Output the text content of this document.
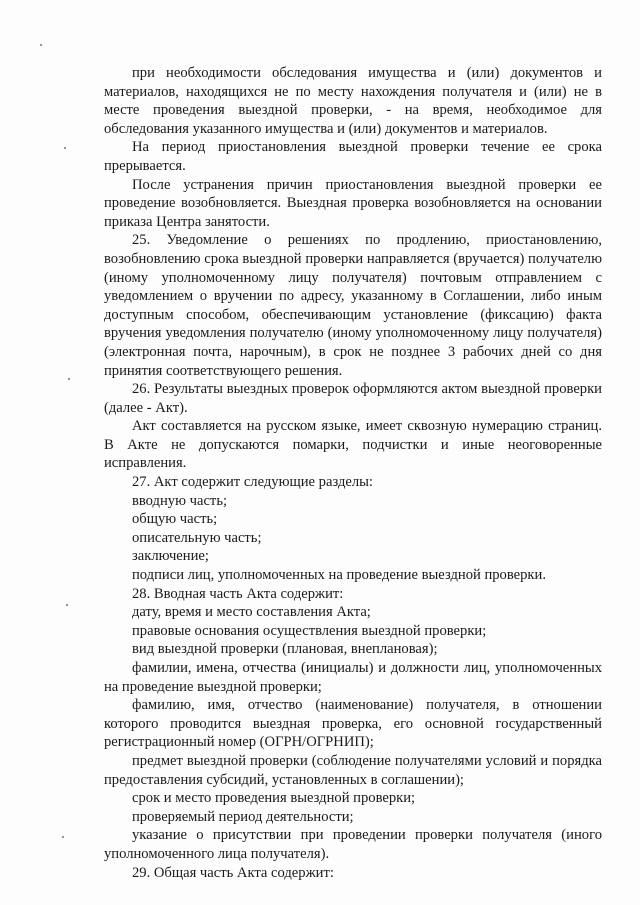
при необходимости обследования имущества и (или) документов и материалов, находящихся не по месту нахождения получателя и (или) не в месте проведения выездной проверки, - на время, необходимое для обследования указанного имущества и (или) документов и материалов.

На период приостановления выездной проверки течение ее срока прерывается.

После устранения причин приостановления выездной проверки ее проведение возобновляется. Выездная проверка возобновляется на основании приказа Центра занятости.

25. Уведомление о решениях по продлению, приостановлению, возобновлению срока выездной проверки направляется (вручается) получателю (иному уполномоченному лицу получателя) почтовым отправлением с уведомлением о вручении по адресу, указанному в Соглашении, либо иным доступным способом, обеспечивающим установление (фиксацию) факта вручения уведомления получателю (иному уполномоченному лицу получателя) (электронная почта, нарочным), в срок не позднее 3 рабочих дней со дня принятия соответствующего решения.

26. Результаты выездных проверок оформляются актом выездной проверки (далее - Акт).

Акт составляется на русском языке, имеет сквозную нумерацию страниц. В Акте не допускаются помарки, подчистки и иные неоговоренные исправления.

27. Акт содержит следующие разделы:

вводную часть;

общую часть;

описательную часть;

заключение;

подписи лиц, уполномоченных на проведение выездной проверки.

28. Вводная часть Акта содержит:

дату, время и место составления Акта;

правовые основания осуществления выездной проверки;

вид выездной проверки (плановая, внеплановая);

фамилии, имена, отчества (инициалы) и должности лиц, уполномоченных на проведение выездной проверки;

фамилию, имя, отчество (наименование) получателя, в отношении которого проводится выездная проверка, его основной государственный регистрационный номер (ОГРН/ОГРНИП);

предмет выездной проверки (соблюдение получателями условий и порядка предоставления субсидий, установленных в соглашении);

срок и место проведения выездной проверки;

проверяемый период деятельности;

указание о присутствии при проведении проверки получателя (иного уполномоченного лица получателя).

29. Общая часть Акта содержит:
